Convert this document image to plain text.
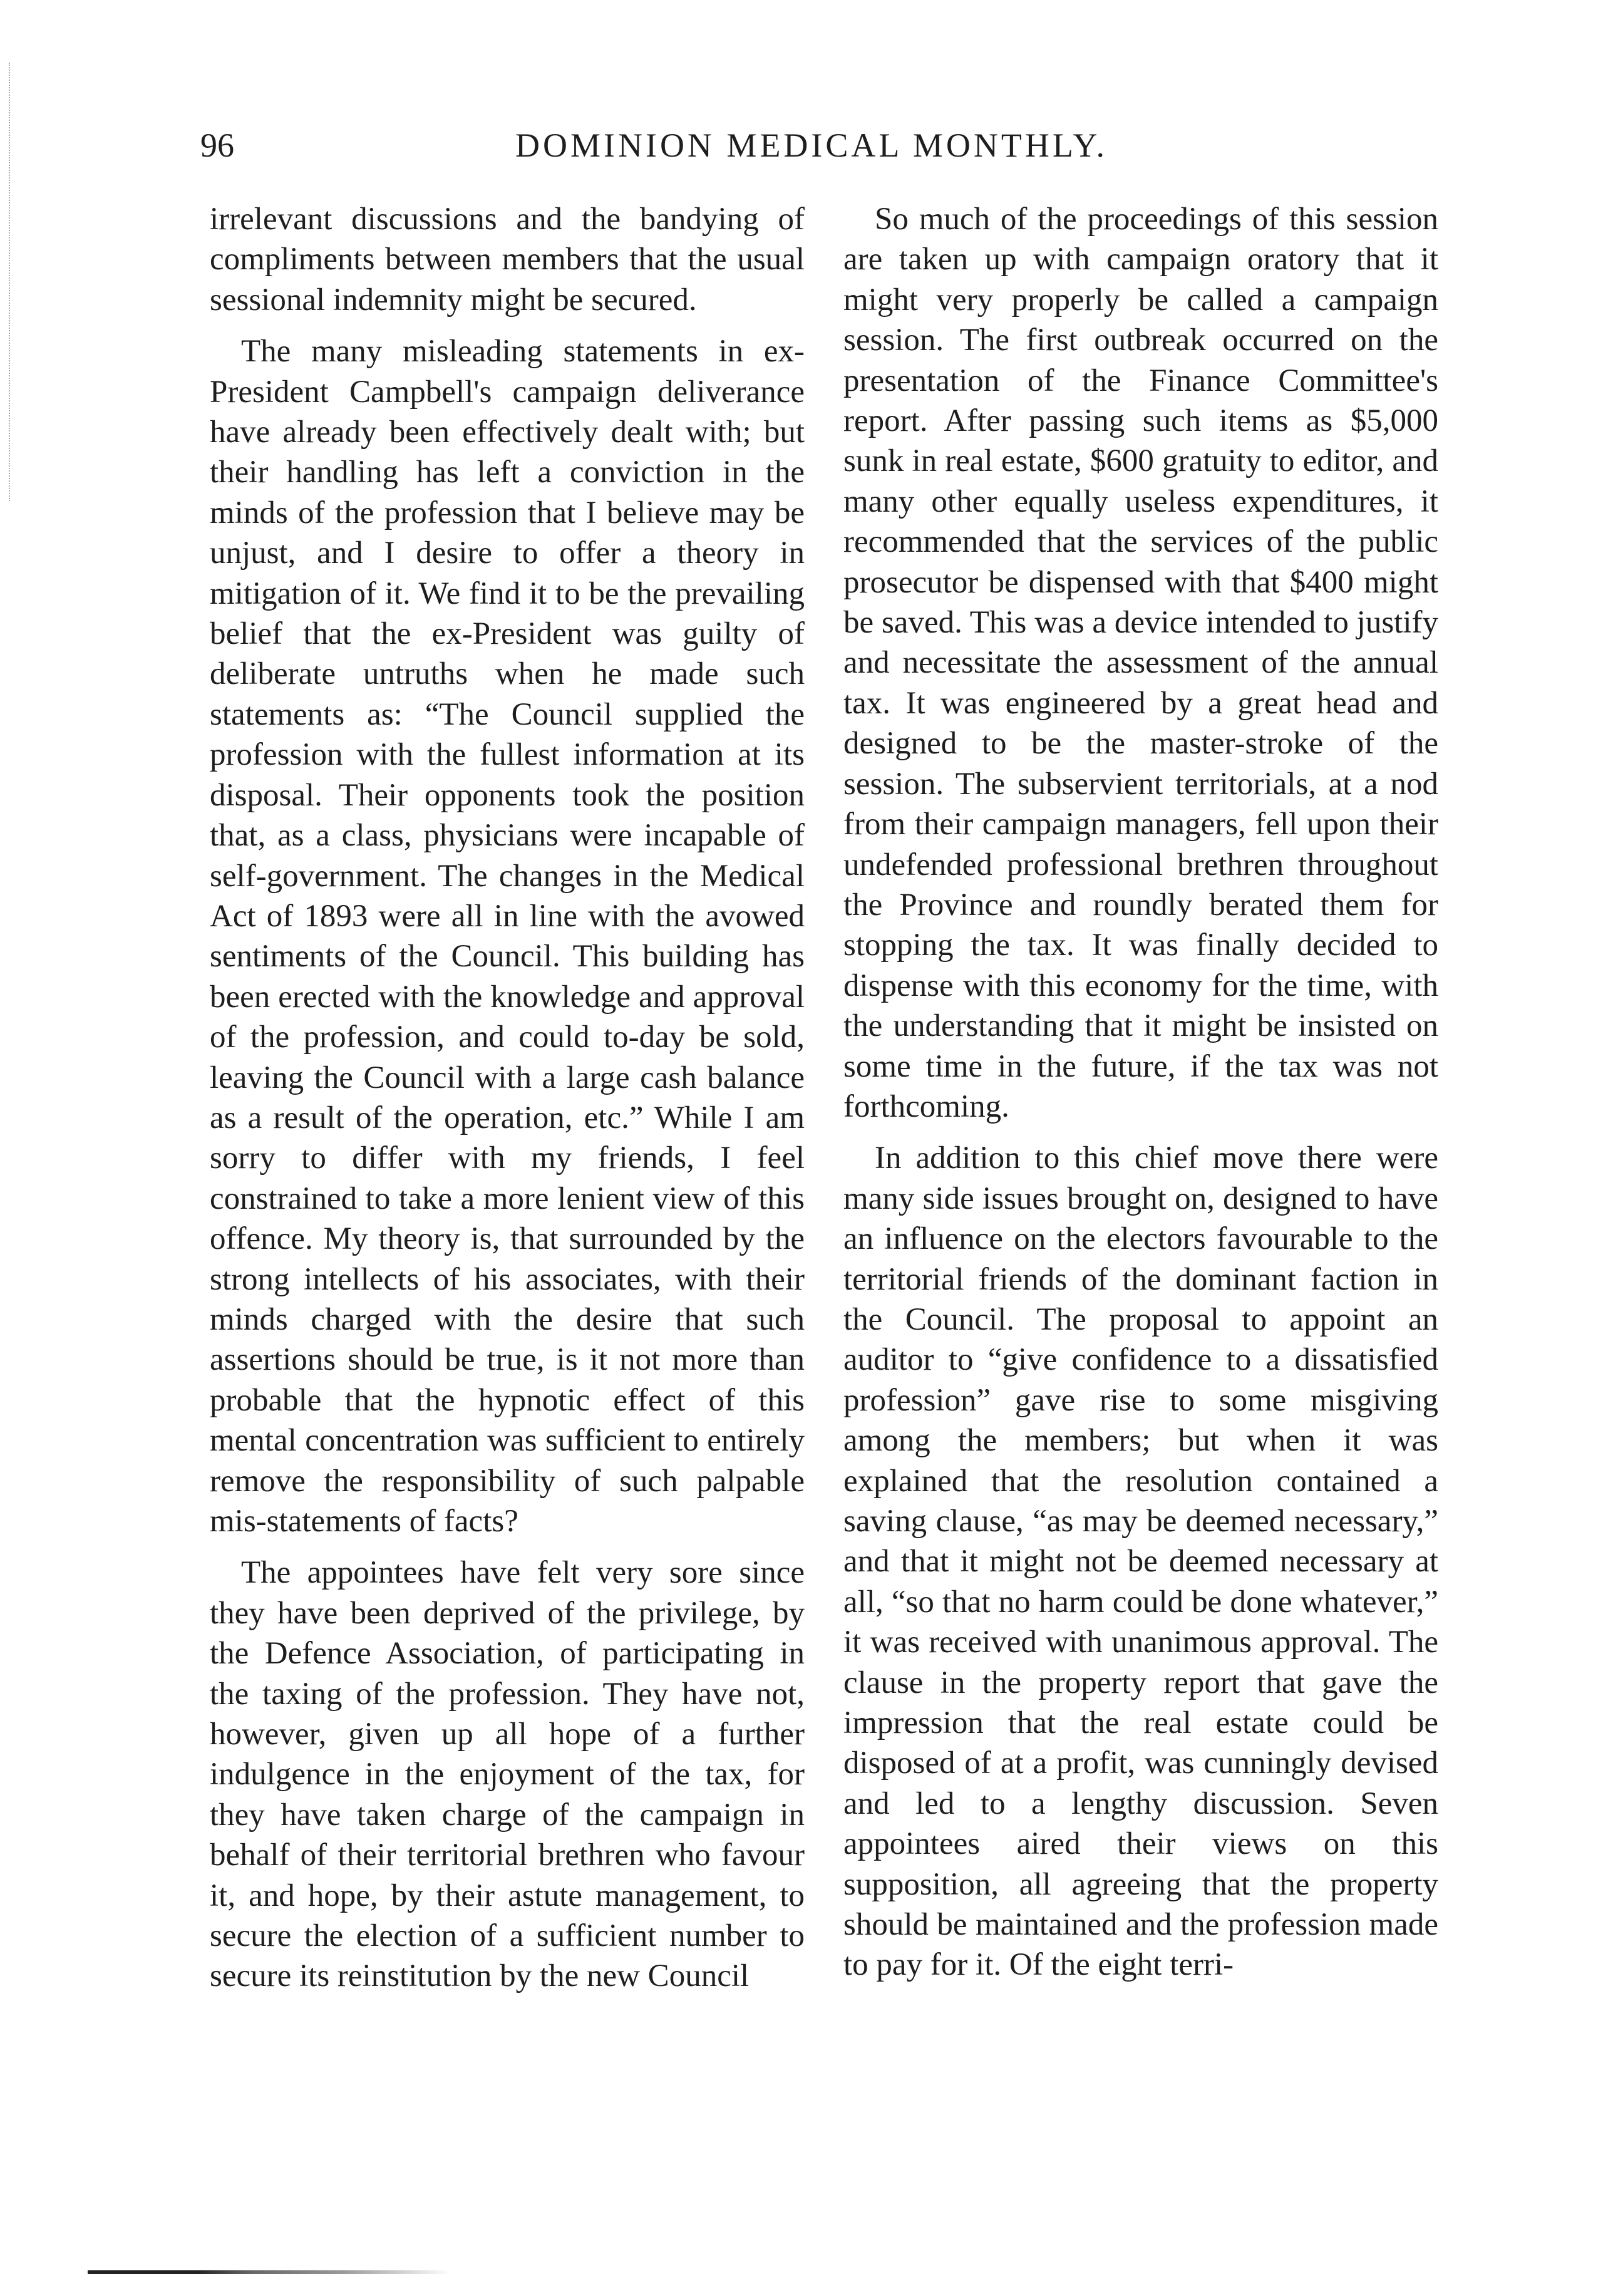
96	DOMINION MEDICAL MONTHLY.

irrelevant discussions and the bandying of compliments between members that the usual sessional indemnity might be secured.

The many misleading statements in ex-President Campbell's campaign deliverance have already been effectively dealt with; but their handling has left a conviction in the minds of the profession that I believe may be unjust, and I desire to offer a theory in mitigation of it. We find it to be the prevailing belief that the ex-President was guilty of deliberate untruths when he made such statements as: “The Council supplied the profession with the fullest information at its disposal. Their opponents took the position that, as a class, physicians were incapable of self-government. The changes in the Medical Act of 1893 were all in line with the avowed sentiments of the Council. This building has been erected with the knowledge and approval of the profession, and could to-day be sold, leaving the Council with a large cash balance as a result of the operation, etc.” While I am sorry to differ with my friends, I feel constrained to take a more lenient view of this offence. My theory is, that surrounded by the strong intellects of his associates, with their minds charged with the desire that such assertions should be true, is it not more than probable that the hypnotic effect of this mental concentration was sufficient to entirely remove the responsibility of such palpable mis-statements of facts?

The appointees have felt very sore since they have been deprived of the privilege, by the Defence Association, of participating in the taxing of the profession. They have not, however, given up all hope of a further indulgence in the enjoyment of the tax, for they have taken charge of the campaign in behalf of their territorial brethren who favour it, and hope, by their astute management, to secure the election of a sufficient number to secure its reinstitution by the new Council

So much of the proceedings of this session are taken up with campaign oratory that it might very properly be called a campaign session. The first outbreak occurred on the presentation of the Finance Committee's report. After passing such items as $5,000 sunk in real estate, $600 gratuity to editor, and many other equally useless expenditures, it recommended that the services of the public prosecutor be dispensed with that $400 might be saved. This was a device intended to justify and necessitate the assessment of the annual tax. It was engineered by a great head and designed to be the master-stroke of the session. The subservient territorials, at a nod from their campaign managers, fell upon their undefended professional brethren throughout the Province and roundly berated them for stopping the tax. It was finally decided to dispense with this economy for the time, with the understanding that it might be insisted on some time in the future, if the tax was not forthcoming.

In addition to this chief move there were many side issues brought on, designed to have an influence on the electors favourable to the territorial friends of the dominant faction in the Council. The proposal to appoint an auditor to “give confidence to a dissatisfied profession” gave rise to some misgiving among the members; but when it was explained that the resolution contained a saving clause, “as may be deemed necessary,” and that it might not be deemed necessary at all, “so that no harm could be done whatever,” it was received with unanimous approval. The clause in the property report that gave the impression that the real estate could be disposed of at a profit, was cunningly devised and led to a lengthy discussion. Seven appointees aired their views on this supposition, all agreeing that the property should be maintained and the profession made to pay for it. Of the eight terri-
